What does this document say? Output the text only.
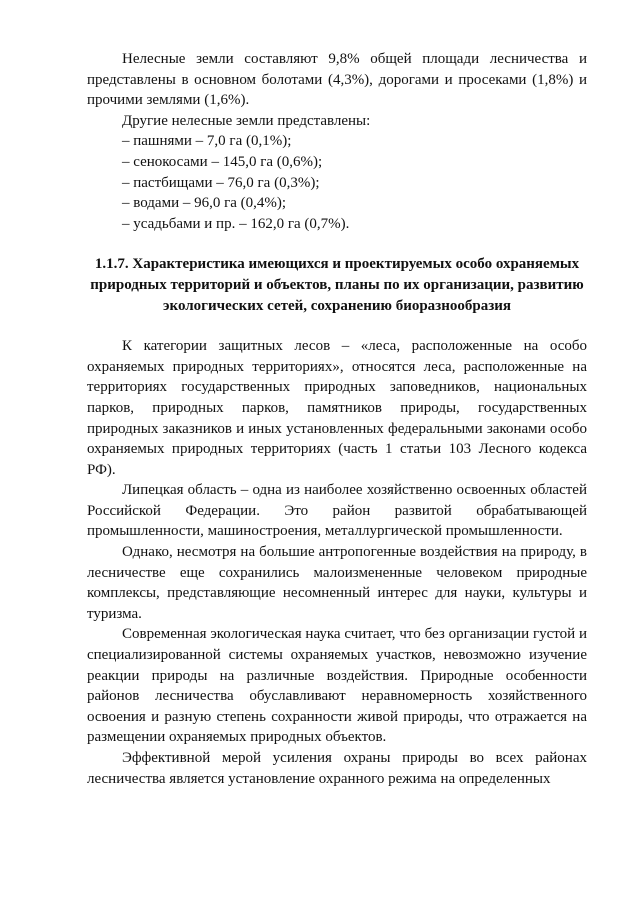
Нелесные земли составляют 9,8% общей площади лесничества и представлены в основном болотами (4,3%), дорогами и просеками (1,8%) и прочими землями (1,6%).

Другие нелесные земли представлены:

– пашнями – 7,0 га (0,1%);
– сенокосами – 145,0 га (0,6%);
– пастбищами – 76,0 га (0,3%);
– водами – 96,0 га (0,4%);
– усадьбами и пр. – 162,0 га (0,7%).
1.1.7. Характеристика имеющихся и проектируемых особо охраняемых природных территорий и объектов, планы по их организации, развитию экологических сетей, сохранению биоразнообразия

К категории защитных лесов – «леса, расположенные на особо охраняемых природных территориях», относятся леса, расположенные на территориях государственных природных заповедников, национальных парков, природных парков, памятников природы, государственных природных заказников и иных установленных федеральными законами особо охраняемых природных территориях (часть 1 статьи 103 Лесного кодекса РФ).

Липецкая область – одна из наиболее хозяйственно освоенных областей Российской Федерации. Это район развитой обрабатывающей промышленности, машиностроения, металлургической промышленности.

Однако, несмотря на большие антропогенные воздействия на природу, в лесничестве еще сохранились малоизмененные человеком природные комплексы, представляющие несомненный интерес для науки, культуры и туризма.

Современная экологическая наука считает, что без организации густой и специализированной системы охраняемых участков, невозможно изучение реакции природы на различные воздействия. Природные особенности районов лесничества обуславливают неравномерность хозяйственного освоения и разную степень сохранности живой природы, что отражается на размещении охраняемых природных объектов.

Эффективной мерой усиления охраны природы во всех районах лесничества является установление охранного режима на определенных
